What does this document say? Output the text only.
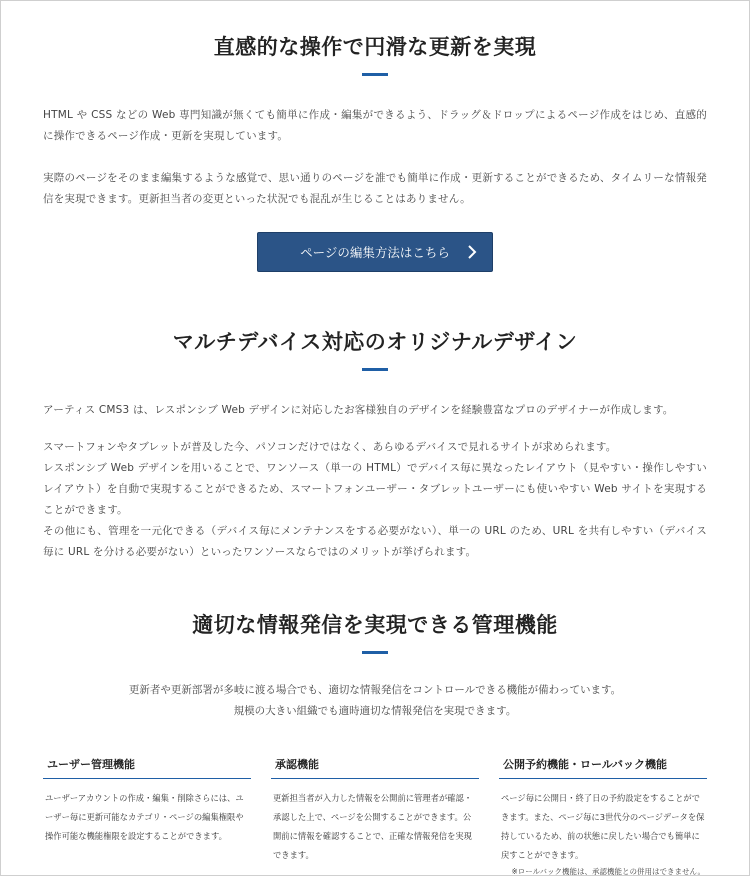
直感的な操作で円滑な更新を実現

HTML や CSS などの Web 専門知識が無くても簡単に作成・編集ができるよう、ドラッグ＆ドロップによるページ作成をはじめ、直感的に操作できるページ作成・更新を実現しています。

実際のページをそのまま編集するような感覚で、思い通りのページを誰でも簡単に作成・更新することができるため、タイムリーな情報発信を実現できます。更新担当者の変更といった状況でも混乱が生じることはありません。

ページの編集方法はこちら
マルチデバイス対応のオリジナルデザイン

アーティス CMS3 は、レスポンシブ Web デザインに対応したお客様独自のデザインを経験豊富なプロのデザイナーが作成します。

スマートフォンやタブレットが普及した今、パソコンだけではなく、あらゆるデバイスで見れるサイトが求められます。

レスポンシブ Web デザインを用いることで、ワンソース（単一の HTML）でデバイス毎に異なったレイアウト（見やすい・操作しやすいレイアウト）を自動で実現することができるため、スマートフォンユーザー・タブレットユーザーにも使いやすい Web サイトを実現することができます。

その他にも、管理を一元化できる（デバイス毎にメンテナンスをする必要がない）、単一の URL のため、URL を共有しやすい（デバイス毎に URL を分ける必要がない）といったワンソースならではのメリットが挙げられます。

適切な情報発信を実現できる管理機能

更新者や更新部署が多岐に渡る場合でも、適切な情報発信をコントロールできる機能が備わっています。

規模の大きい組織でも適時適切な情報発信を実現できます。

ユーザー管理機能

ユーザーアカウントの作成・編集・削除さらには、ユーザー毎に更新可能なカテゴリ・ページの編集権限や操作可能な機能権限を設定することができます。

承認機能

更新担当者が入力した情報を公開前に管理者が確認・承認した上で、ページを公開することができます。公開前に情報を確認することで、正確な情報発信を実現できます。

公開予約機能・ロールバック機能

ページ毎に公開日・終了日の予約設定をすることができます。また、ページ毎に3世代分のページデータを保持しているため、前の状態に戻したい場合でも簡単に戻すことができます。

※ロールバック機能は、承認機能との併用はできません。
